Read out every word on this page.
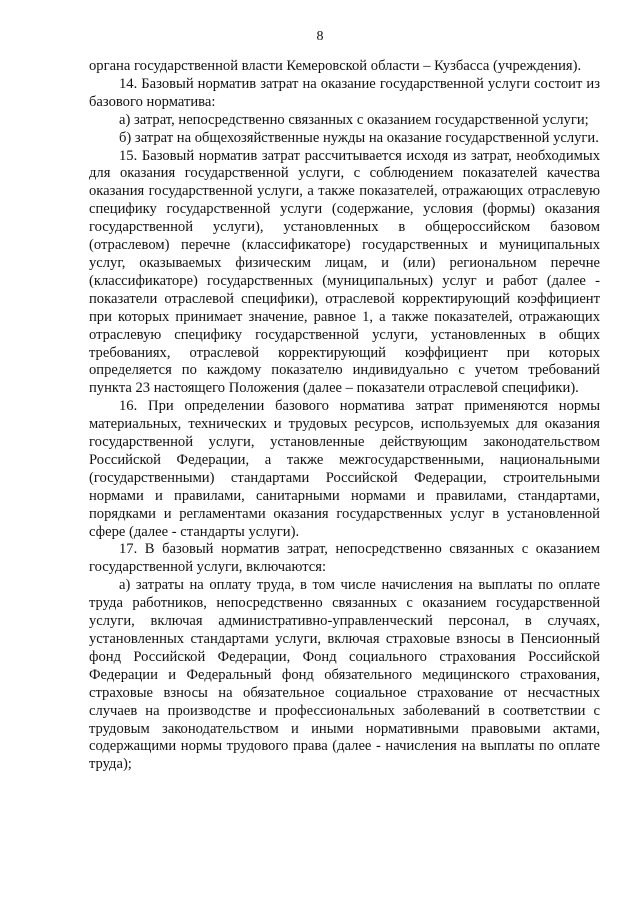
8

органа государственной власти Кемеровской области – Кузбасса (учреждения).

14. Базовый норматив затрат на оказание государственной услуги состоит из базового норматива:

а) затрат, непосредственно связанных с оказанием государственной услуги;

б) затрат на общехозяйственные нужды на оказание государственной услуги.

15. Базовый норматив затрат рассчитывается исходя из затрат, необходимых для оказания государственной услуги, с соблюдением показателей качества оказания государственной услуги, а также показателей, отражающих отраслевую специфику государственной услуги (содержание, условия (формы) оказания государственной услуги), установленных в общероссийском базовом (отраслевом) перечне (классификаторе) государственных и муниципальных услуг, оказываемых физическим лицам, и (или) региональном перечне (классификаторе) государственных (муниципальных) услуг и работ (далее - показатели отраслевой специфики), отраслевой корректирующий коэффициент при которых принимает значение, равное 1, а также показателей, отражающих отраслевую специфику государственной услуги, установленных в общих требованиях, отраслевой корректирующий коэффициент при которых определяется по каждому показателю индивидуально с учетом требований пункта 23 настоящего Положения (далее – показатели отраслевой специфики).

16. При определении базового норматива затрат применяются нормы материальных, технических и трудовых ресурсов, используемых для оказания государственной услуги, установленные действующим законодательством Российской Федерации, а также межгосударственными, национальными (государственными) стандартами Российской Федерации, строительными нормами и правилами, санитарными нормами и правилами, стандартами, порядками и регламентами оказания государственных услуг в установленной сфере (далее - стандарты услуги).

17. В базовый норматив затрат, непосредственно связанных с оказанием государственной услуги, включаются:

а) затраты на оплату труда, в том числе начисления на выплаты по оплате труда работников, непосредственно связанных с оказанием государственной услуги, включая административно-управленческий персонал, в случаях, установленных стандартами услуги, включая страховые взносы в Пенсионный фонд Российской Федерации, Фонд социального страхования Российской Федерации и Федеральный фонд обязательного медицинского страхования, страховые взносы на обязательное социальное страхование от несчастных случаев на производстве и профессиональных заболеваний в соответствии с трудовым законодательством и иными нормативными правовыми актами, содержащими нормы трудового права (далее - начисления на выплаты по оплате труда);
